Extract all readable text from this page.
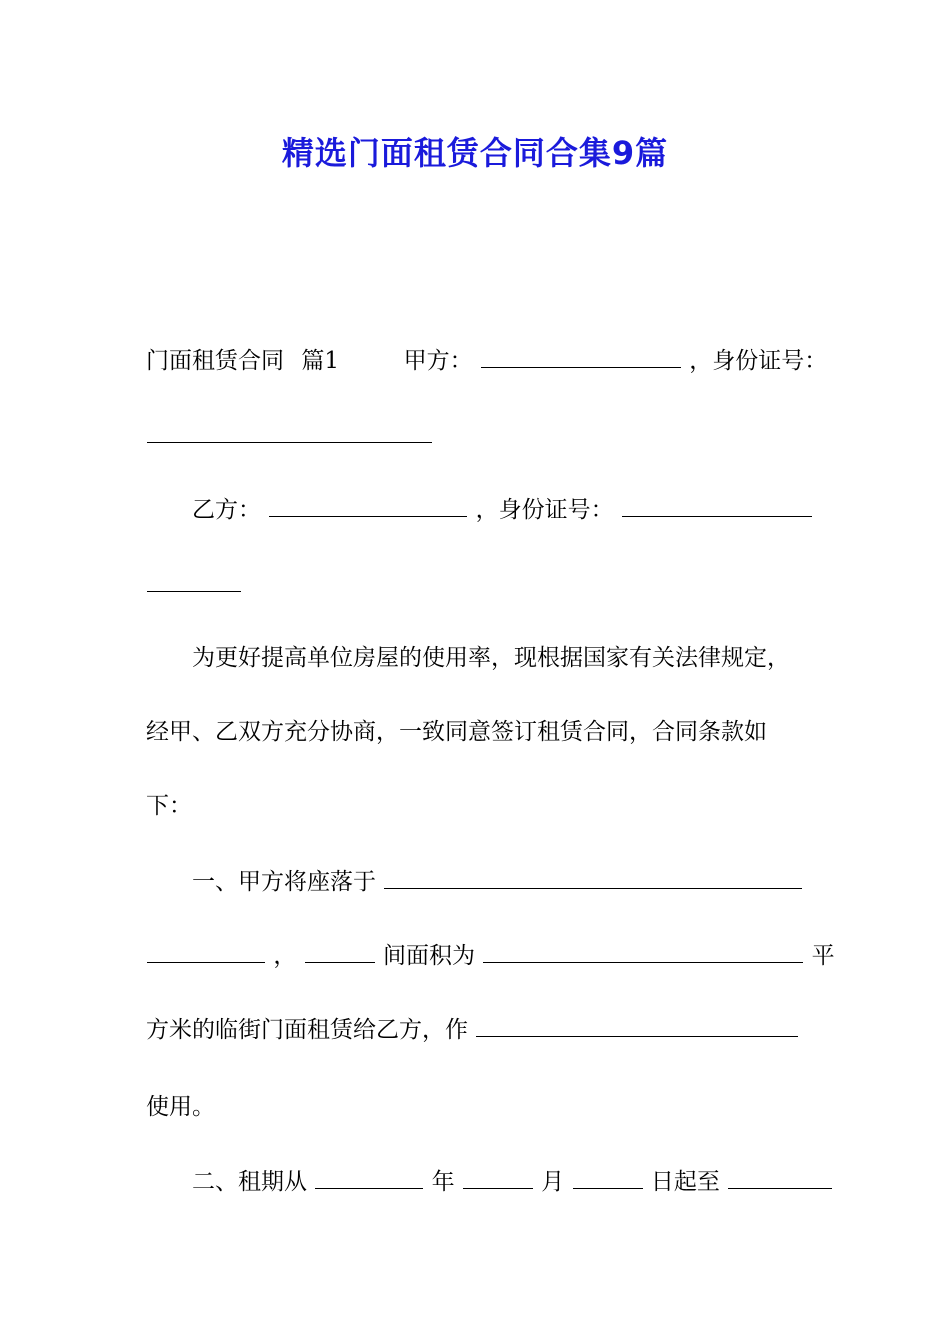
精选门面租赁合同合集9篇
门面租赁合同 篇1	甲方：	，身份证号：
乙方：	，身份证号：
为更好提高单位房屋的使用率，现根据国家有关法律规定，
经甲、乙双方充分协商，一致同意签订租赁合同，合同条款如
下：
一、甲方将座落于
，	间面积为	平
方米的临街门面租赁给乙方，作
使用。
二、租期从	年	月	日起至
